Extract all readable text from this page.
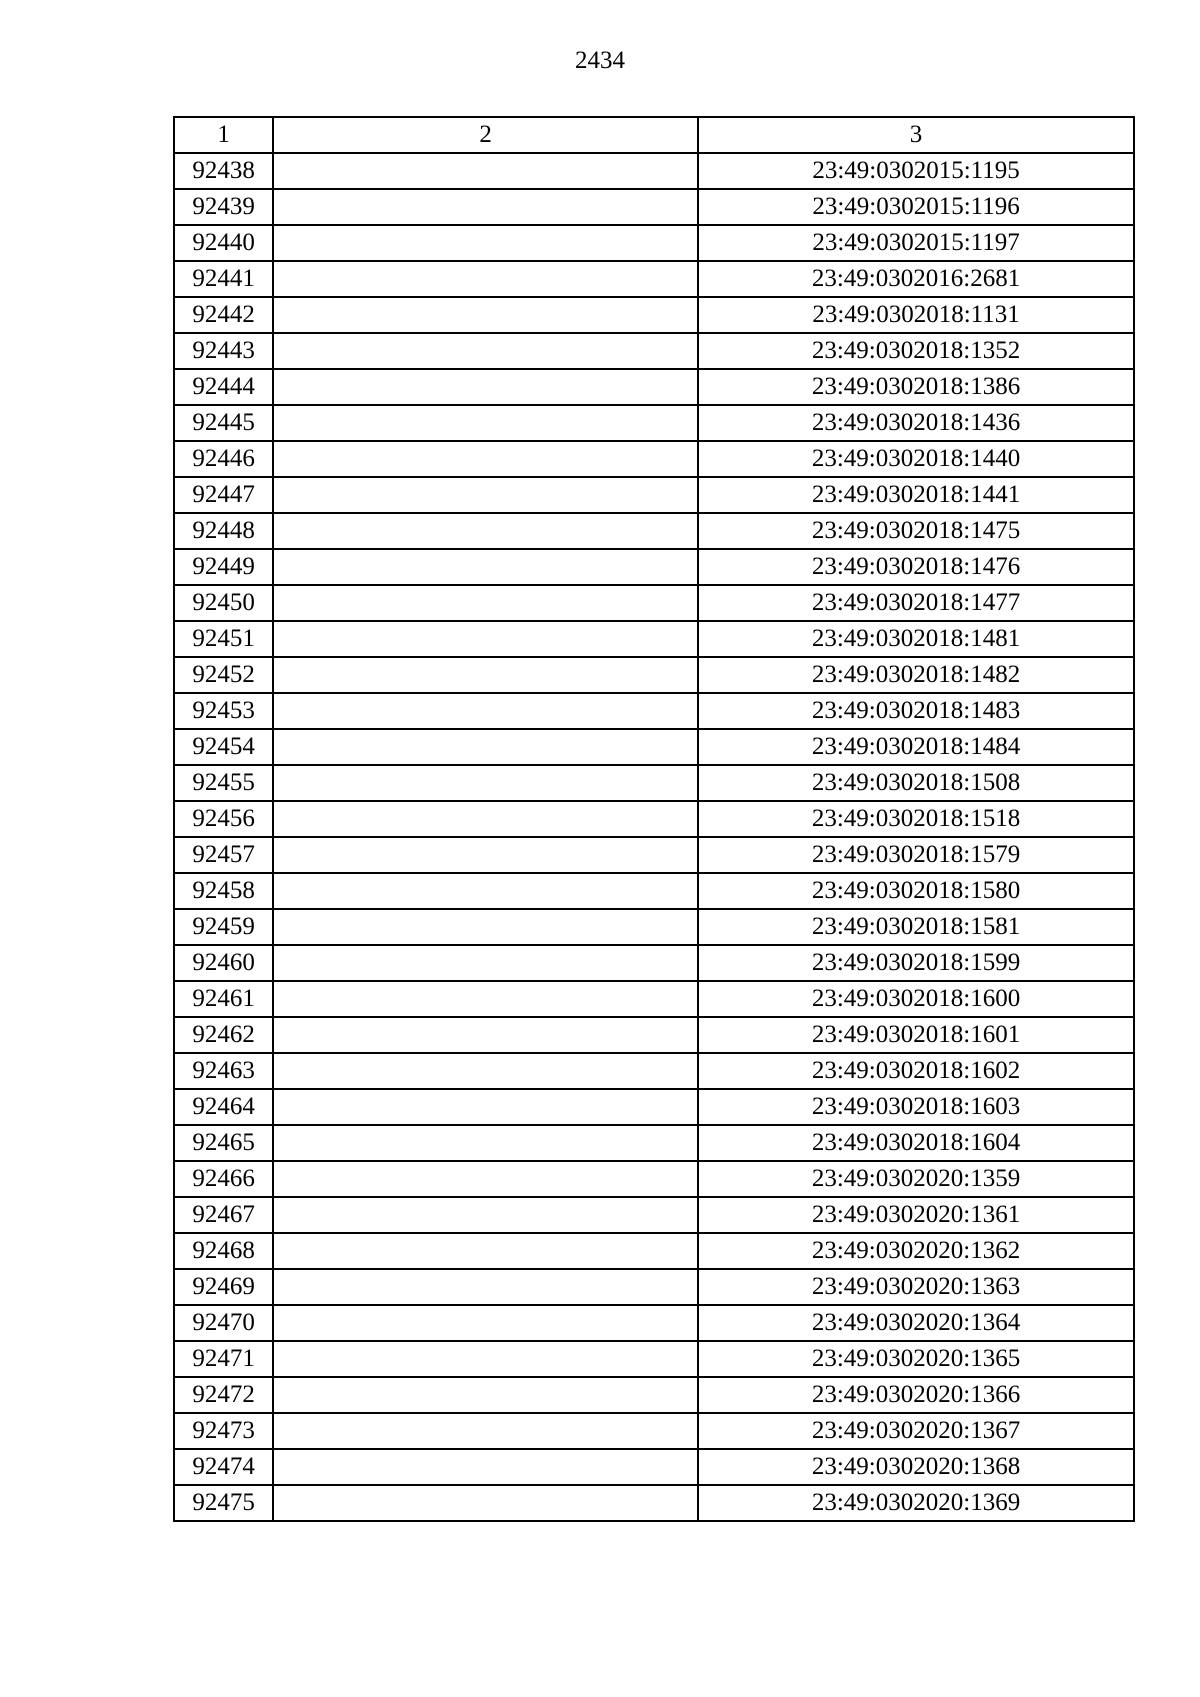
2434
1	2	3
92438		23:49:0302015:1195
92439		23:49:0302015:1196
92440		23:49:0302015:1197
92441		23:49:0302016:2681
92442		23:49:0302018:1131
92443		23:49:0302018:1352
92444		23:49:0302018:1386
92445		23:49:0302018:1436
92446		23:49:0302018:1440
92447		23:49:0302018:1441
92448		23:49:0302018:1475
92449		23:49:0302018:1476
92450		23:49:0302018:1477
92451		23:49:0302018:1481
92452		23:49:0302018:1482
92453		23:49:0302018:1483
92454		23:49:0302018:1484
92455		23:49:0302018:1508
92456		23:49:0302018:1518
92457		23:49:0302018:1579
92458		23:49:0302018:1580
92459		23:49:0302018:1581
92460		23:49:0302018:1599
92461		23:49:0302018:1600
92462		23:49:0302018:1601
92463		23:49:0302018:1602
92464		23:49:0302018:1603
92465		23:49:0302018:1604
92466		23:49:0302020:1359
92467		23:49:0302020:1361
92468		23:49:0302020:1362
92469		23:49:0302020:1363
92470		23:49:0302020:1364
92471		23:49:0302020:1365
92472		23:49:0302020:1366
92473		23:49:0302020:1367
92474		23:49:0302020:1368
92475		23:49:0302020:1369
